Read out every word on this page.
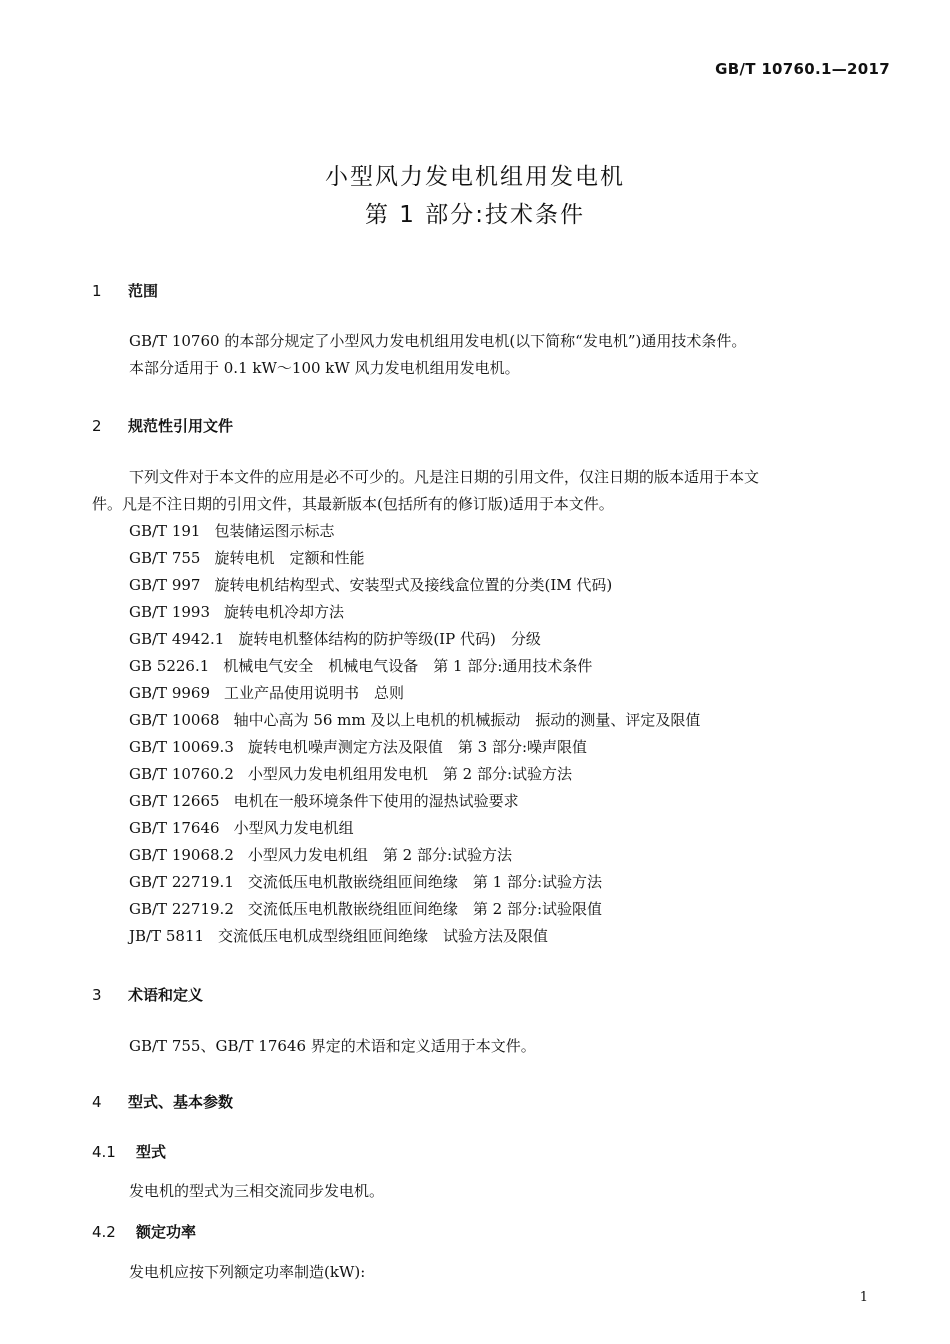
GB/T 10760.1—2017
小型风力发电机组用发电机
第 1 部分:技术条件
1 范围
GB/T 10760 的本部分规定了小型风力发电机组用发电机(以下简称“发电机”)通用技术条件。
本部分适用于 0.1 kW～100 kW 风力发电机组用发电机。
2 规范性引用文件
下列文件对于本文件的应用是必不可少的。凡是注日期的引用文件，仅注日期的版本适用于本文
件。凡是不注日期的引用文件，其最新版本(包括所有的修订版)适用于本文件。
GB/T 191 包装储运图示标志
GB/T 755 旋转电机　定额和性能
GB/T 997 旋转电机结构型式、安装型式及接线盒位置的分类(IM 代码)
GB/T 1993 旋转电机冷却方法
GB/T 4942.1 旋转电机整体结构的防护等级(IP 代码)　分级
GB 5226.1 机械电气安全　机械电气设备　第 1 部分:通用技术条件
GB/T 9969 工业产品使用说明书　总则
GB/T 10068 轴中心高为 56 mm 及以上电机的机械振动　振动的测量、评定及限值
GB/T 10069.3 旋转电机噪声测定方法及限值　第 3 部分:噪声限值
GB/T 10760.2 小型风力发电机组用发电机　第 2 部分:试验方法
GB/T 12665 电机在一般环境条件下使用的湿热试验要求
GB/T 17646 小型风力发电机组
GB/T 19068.2 小型风力发电机组　第 2 部分:试验方法
GB/T 22719.1 交流低压电机散嵌绕组匝间绝缘　第 1 部分:试验方法
GB/T 22719.2 交流低压电机散嵌绕组匝间绝缘　第 2 部分:试验限值
JB/T 5811 交流低压电机成型绕组匝间绝缘　试验方法及限值
3 术语和定义
GB/T 755、GB/T 17646 界定的术语和定义适用于本文件。
4 型式、基本参数
4.1 型式
发电机的型式为三相交流同步发电机。
4.2 额定功率
发电机应按下列额定功率制造(kW):
1
